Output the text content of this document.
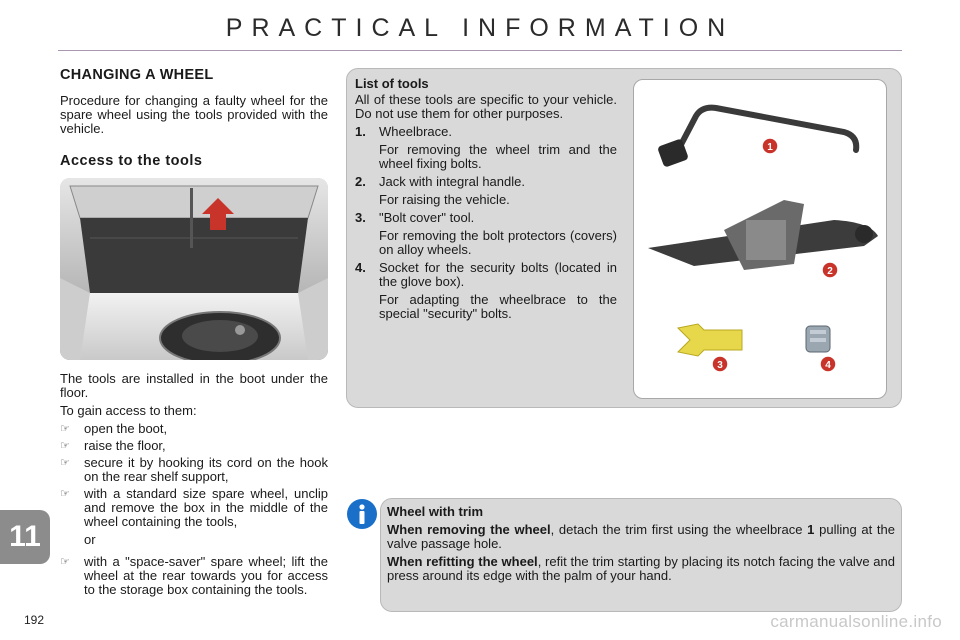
PRACTICAL INFORMATION
CHANGING A WHEEL
Procedure for changing a faulty wheel for the spare wheel using the tools provided with the vehicle.
Access to the tools
The tools are installed in the boot under the floor.
To gain access to them:
☞ open the boot,
☞ raise the floor,
☞ secure it by hooking its cord on the hook on the rear shelf support,
☞ with a standard size spare wheel, unclip and remove the box in the middle of the wheel containing the tools,
or
☞ with a "space-saver" spare wheel; lift the wheel at the rear towards you for access to the storage box containing the tools.
List of tools
All of these tools are specific to your vehicle. Do not use them for other purposes.
1. Wheelbrace.
For removing the wheel trim and the wheel fixing bolts.
2. Jack with integral handle.
For raising the vehicle.
3. "Bolt cover" tool.
For removing the bolt protectors (covers) on alloy wheels.
4. Socket for the security bolts (located in the glove box).
For adapting the wheelbrace to the special "security" bolts.
1
2
3	4

Wheel with trim

When removing the wheel, detach the trim first using the wheelbrace 1 pulling at the valve passage hole.

When refitting the wheel, refit the trim starting by placing its notch facing the valve and press around its edge with the palm of your hand.

11
192	carmanualsonline.info
